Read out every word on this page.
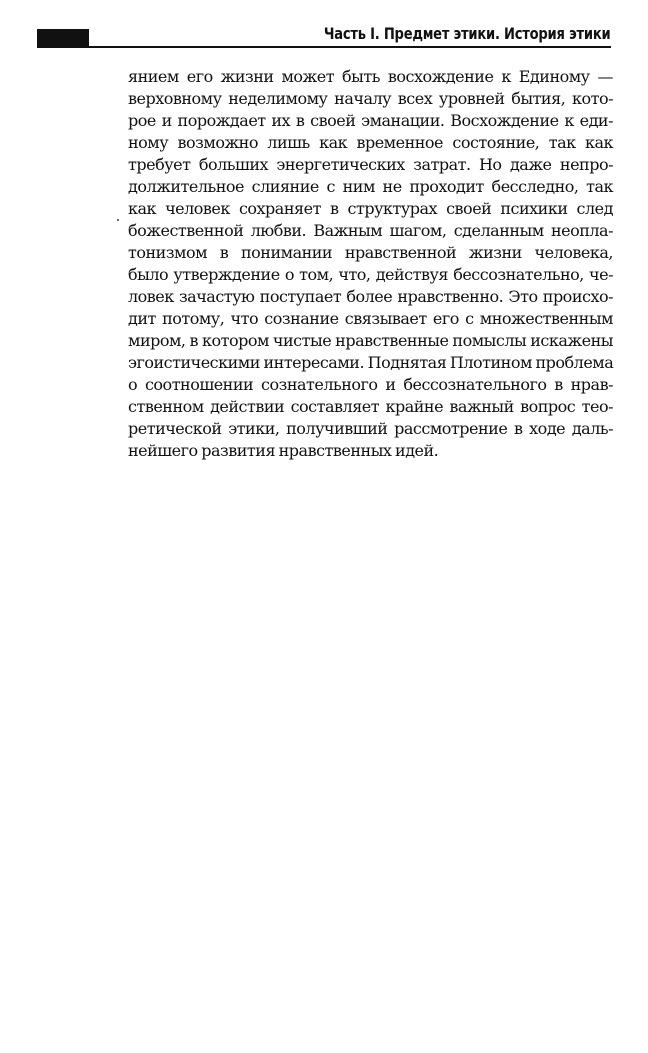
Часть I. Предмет этики. История этики
янием его жизни может быть восхождение к Единому —
верховному неделимому началу всех уровней бытия, кото-
рое и порождает их в своей эманации. Восхождение к еди-
ному возможно лишь как временное состояние, так как
требует больших энергетических затрат. Но даже непро-
должительное слияние с ним не проходит бесследно, так
как человек сохраняет в структурах своей психики след
божественной любви. Важным шагом, сделанным неопла-
тонизмом в понимании нравственной жизни человека,
было утверждение о том, что, действуя бессознательно, че-
ловек зачастую поступает более нравственно. Это происхо-
дит потому, что сознание связывает его с множественным
миром, в котором чистые нравственные помыслы искажены
эгоистическими интересами. Поднятая Плотином проблема
о соотношении сознательного и бессознательного в нрав-
ственном действии составляет крайне важный вопрос тео-
ретической этики, получивший рассмотрение в ходе даль-
нейшего развития нравственных идей.
